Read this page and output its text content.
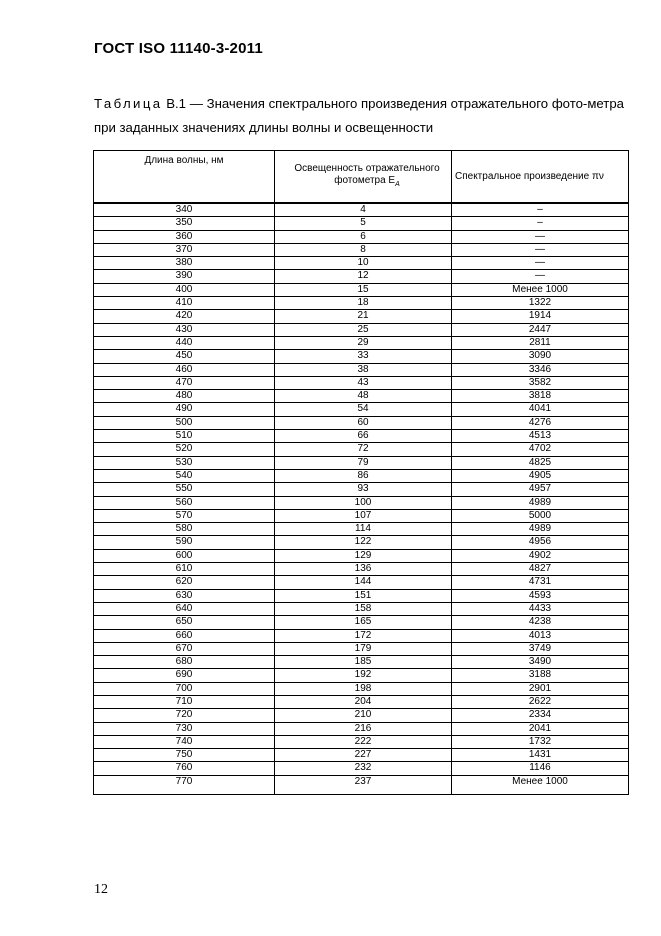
ГОСТ ISO 11140-3-2011
Таблица В.1 — Значения спектрального произведения отражательного фото-метра при заданных значениях длины волны и освещенности
Длина волны, нм	Освещенность отражательного фотометра $E_A$	Спектральное произведение πν
340	4	–
350	5	–
360	6	—
370	8	—
380	10	—
390	12	—
400	15	Менее 1000
410	18	1322
420	21	1914
430	25	2447
440	29	2811
450	33	3090
460	38	3346
470	43	3582
480	48	3818
490	54	4041
500	60	4276
510	66	4513
520	72	4702
530	79	4825
540	86	4905
550	93	4957
560	100	4989
570	107	5000
580	114	4989
590	122	4956
600	129	4902
610	136	4827
620	144	4731
630	151	4593
640	158	4433
650	165	4238
660	172	4013
670	179	3749
680	185	3490
690	192	3188
700	198	2901
710	204	2622
720	210	2334
730	216	2041
740	222	1732
750	227	1431
760	232	1146
770	237	Менее 1000
12
